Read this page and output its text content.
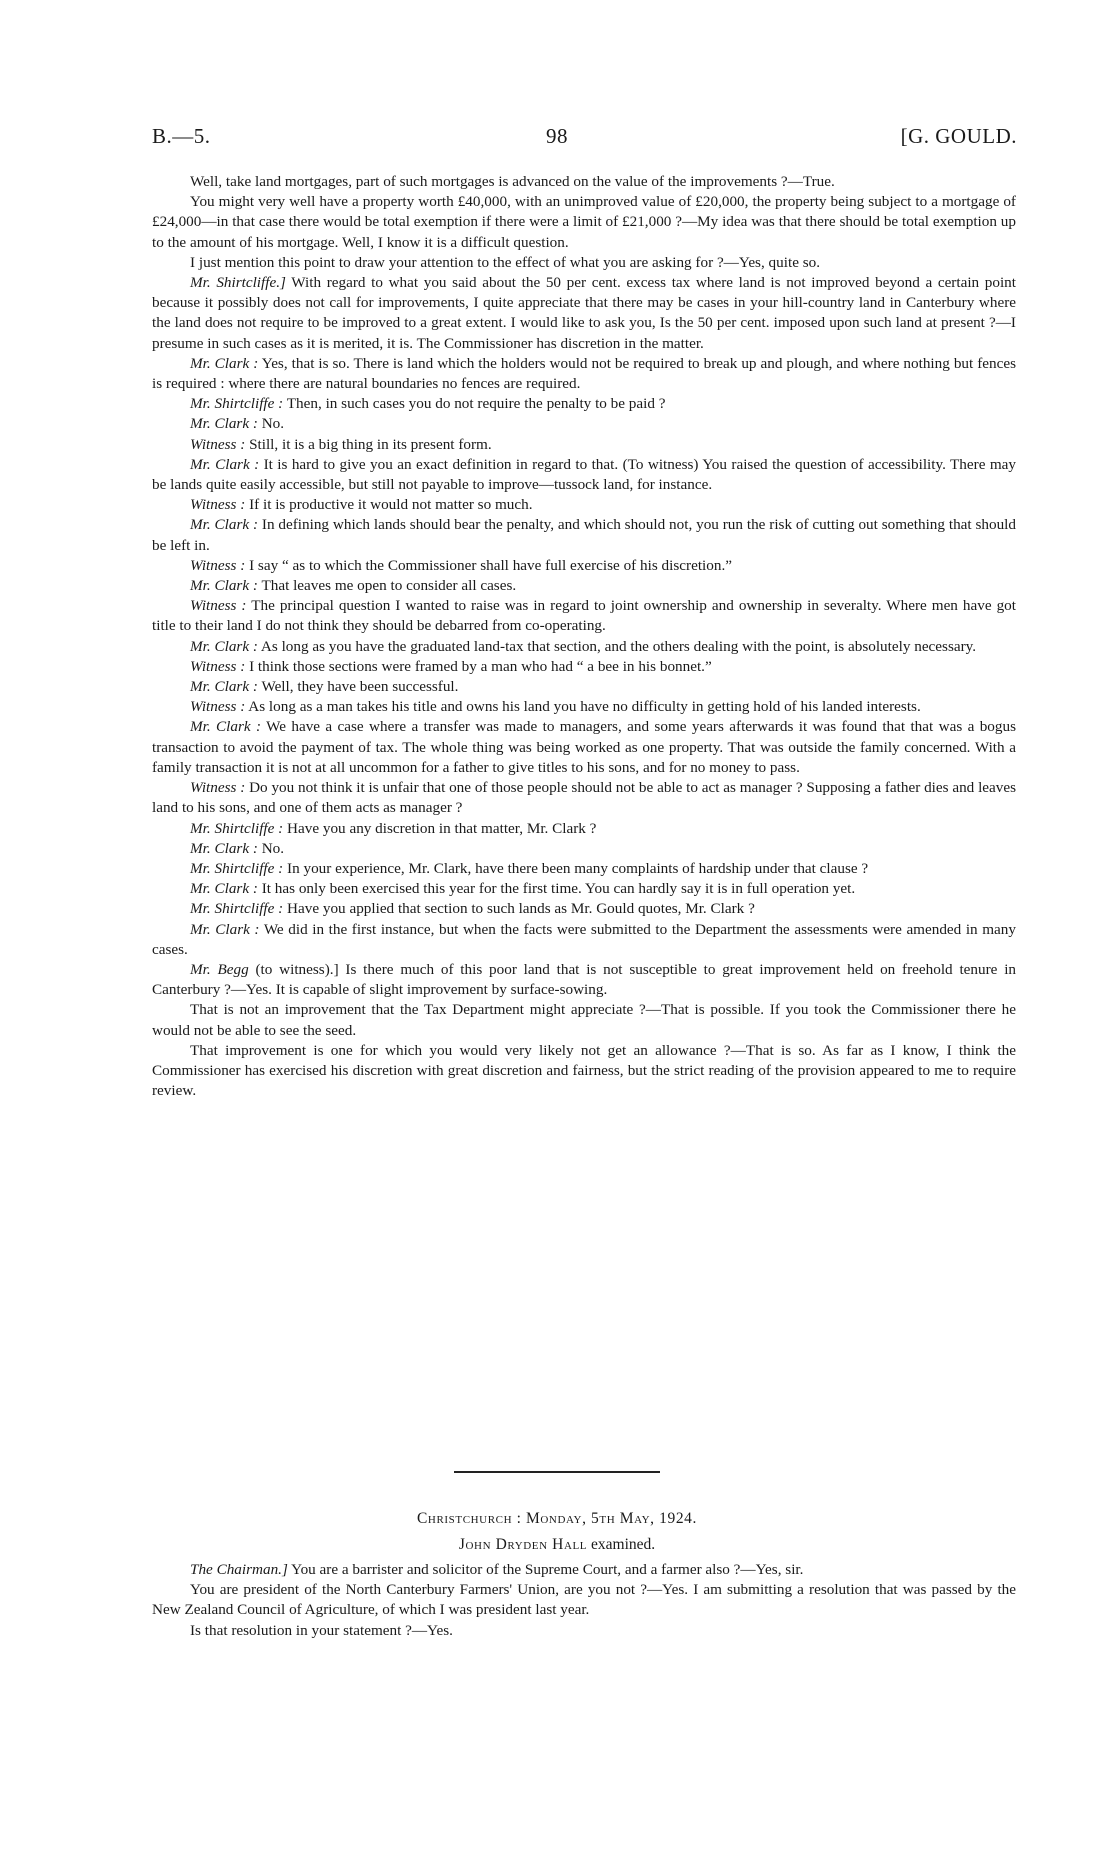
B.—5.	98	[G. GOULD.

Well, take land mortgages, part of such mortgages is advanced on the value of the improvements ?—True.

You might very well have a property worth £40,000, with an unimproved value of £20,000, the property being subject to a mortgage of £24,000—in that case there would be total exemption if there were a limit of £21,000 ?—My idea was that there should be total exemption up to the amount of his mortgage. Well, I know it is a difficult question.

I just mention this point to draw your attention to the effect of what you are asking for ?—Yes, quite so.

Mr. Shirtcliffe.] With regard to what you said about the 50 per cent. excess tax where land is not improved beyond a certain point because it possibly does not call for improvements, I quite appreciate that there may be cases in your hill-country land in Canterbury where the land does not require to be improved to a great extent. I would like to ask you, Is the 50 per cent. imposed upon such land at present ?—I presume in such cases as it is merited, it is. The Commissioner has discretion in the matter.

Mr. Clark : Yes, that is so. There is land which the holders would not be required to break up and plough, and where nothing but fences is required : where there are natural boundaries no fences are required.

Mr. Shirtcliffe : Then, in such cases you do not require the penalty to be paid ?

Mr. Clark : No.

Witness : Still, it is a big thing in its present form.

Mr. Clark : It is hard to give you an exact definition in regard to that. (To witness) You raised the question of accessibility. There may be lands quite easily accessible, but still not payable to improve—tussock land, for instance.

Witness : If it is productive it would not matter so much.

Mr. Clark : In defining which lands should bear the penalty, and which should not, you run the risk of cutting out something that should be left in.

Witness : I say “ as to which the Commissioner shall have full exercise of his discretion.”

Mr. Clark : That leaves me open to consider all cases.

Witness : The principal question I wanted to raise was in regard to joint ownership and ownership in severalty. Where men have got title to their land I do not think they should be debarred from co-operating.

Mr. Clark : As long as you have the graduated land-tax that section, and the others dealing with the point, is absolutely necessary.

Witness : I think those sections were framed by a man who had “ a bee in his bonnet.”

Mr. Clark : Well, they have been successful.

Witness : As long as a man takes his title and owns his land you have no difficulty in getting hold of his landed interests.

Mr. Clark : We have a case where a transfer was made to managers, and some years afterwards it was found that that was a bogus transaction to avoid the payment of tax. The whole thing was being worked as one property. That was outside the family concerned. With a family transaction it is not at all uncommon for a father to give titles to his sons, and for no money to pass.

Witness : Do you not think it is unfair that one of those people should not be able to act as manager ? Supposing a father dies and leaves land to his sons, and one of them acts as manager ?

Mr. Shirtcliffe : Have you any discretion in that matter, Mr. Clark ?

Mr. Clark : No.

Mr. Shirtcliffe : In your experience, Mr. Clark, have there been many complaints of hardship under that clause ?

Mr. Clark : It has only been exercised this year for the first time. You can hardly say it is in full operation yet.

Mr. Shirtcliffe : Have you applied that section to such lands as Mr. Gould quotes, Mr. Clark ?

Mr. Clark : We did in the first instance, but when the facts were submitted to the Department the assessments were amended in many cases.

Mr. Begg (to witness).] Is there much of this poor land that is not susceptible to great improvement held on freehold tenure in Canterbury ?—Yes. It is capable of slight improvement by surface-sowing.

That is not an improvement that the Tax Department might appreciate ?—That is possible. If you took the Commissioner there he would not be able to see the seed.

That improvement is one for which you would very likely not get an allowance ?—That is so. As far as I know, I think the Commissioner has exercised his discretion with great discretion and fairness, but the strict reading of the provision appeared to me to require review.

Christchurch : Monday, 5th May, 1924.
John Dryden Hall examined.

The Chairman.] You are a barrister and solicitor of the Supreme Court, and a farmer also ?—Yes, sir.

You are president of the North Canterbury Farmers' Union, are you not ?—Yes. I am submitting a resolution that was passed by the New Zealand Council of Agriculture, of which I was president last year.

Is that resolution in your statement ?—Yes.
